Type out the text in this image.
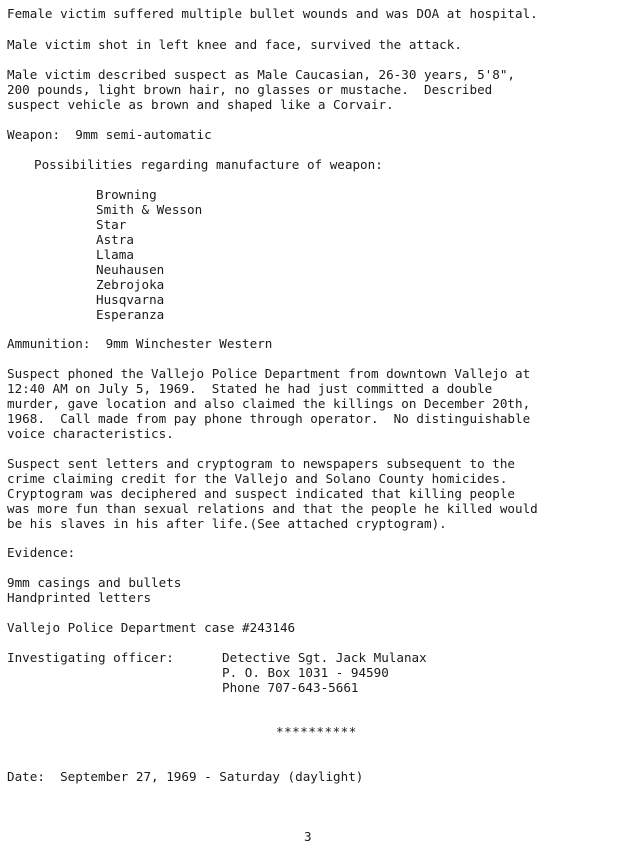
Female victim suffered multiple bullet wounds and was DOA at hospital.
Male victim shot in left knee and face, survived the attack.
Male victim described suspect as Male Caucasian, 26-30 years, 5'8",
200 pounds, light brown hair, no glasses or mustache.  Described
suspect vehicle as brown and shaped like a Corvair.
Weapon:  9mm semi-automatic
Possibilities regarding manufacture of weapon:
Browning
Smith & Wesson
Star
Astra
Llama
Neuhausen
Zebrojoka
Husqvarna
Esperanza
Ammunition:  9mm Winchester Western
Suspect phoned the Vallejo Police Department from downtown Vallejo at
12:40 AM on July 5, 1969.  Stated he had just committed a double
murder, gave location and also claimed the killings on December 20th,
1968.  Call made from pay phone through operator.  No distinguishable
voice characteristics.
Suspect sent letters and cryptogram to newspapers subsequent to the
crime claiming credit for the Vallejo and Solano County homicides.
Cryptogram was deciphered and suspect indicated that killing people
was more fun than sexual relations and that the people he killed would
be his slaves in his after life.(See attached cryptogram).
Evidence:
9mm casings and bullets
Handprinted letters
Vallejo Police Department case #243146
Investigating officer:	Detective Sgt. Jack Mulanax
P. O. Box 1031 - 94590
Phone 707-643-5661
**********
Date:  September 27, 1969 - Saturday (daylight)
3
